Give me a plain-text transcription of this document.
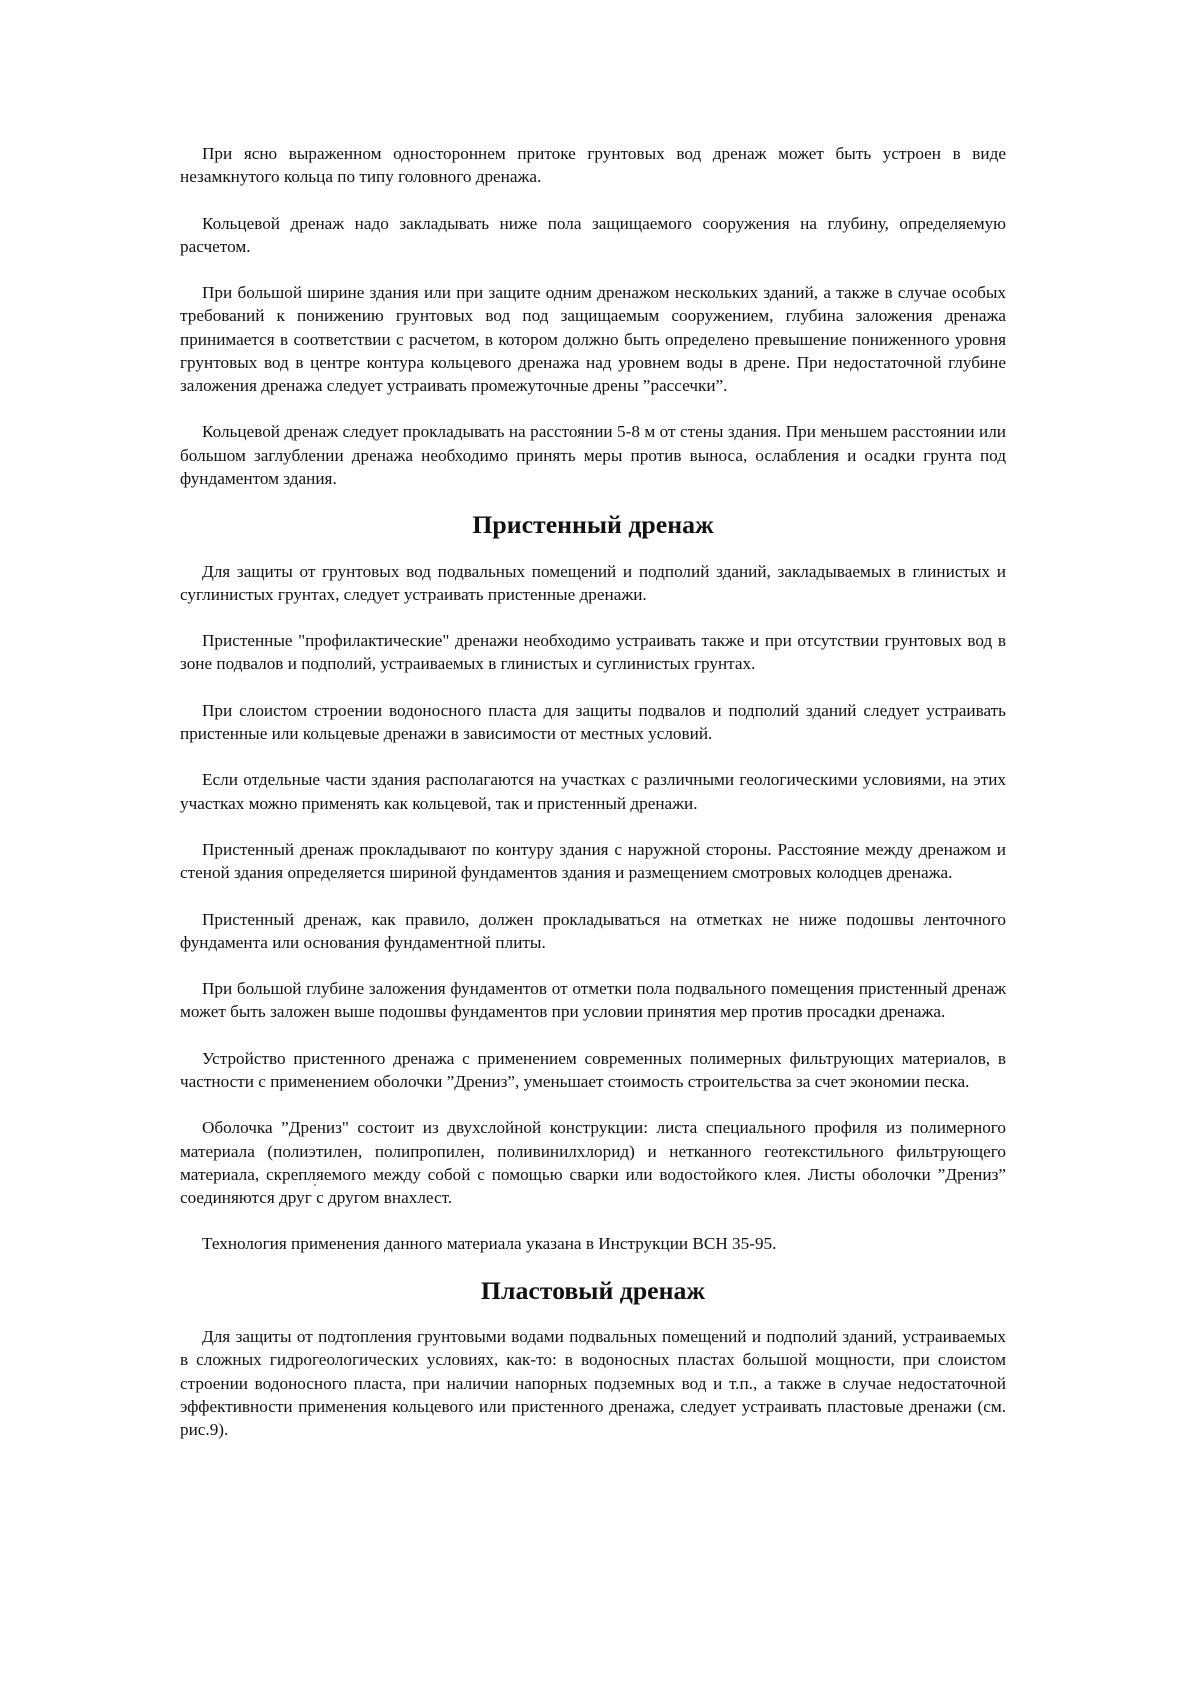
При ясно выраженном одностороннем притоке грунтовых вод дренаж может быть устроен в виде незамкнутого кольца по типу головного дренажа.

Кольцевой дренаж надо закладывать ниже пола защищаемого сооружения на глубину, определяемую расчетом.

При большой ширине здания или при защите одним дренажом нескольких зданий, а также в случае особых требований к понижению грунтовых вод под защищаемым сооружением, глубина заложения дренажа принимается в соответствии с расчетом, в котором должно быть определено превышение пониженного уровня грунтовых вод в центре контура кольцевого дренажа над уровнем воды в дрене. При недостаточной глубине заложения дренажа следует устраивать промежуточные дрены ”рассечки”.

Кольцевой дренаж следует прокладывать на расстоянии 5-8 м от стены здания. При меньшем расстоянии или большом заглублении дренажа необходимо принять меры против выноса, ослабления и осадки грунта под фундаментом здания.

Пристенный дренаж

Для защиты от грунтовых вод подвальных помещений и подполий зданий, закладываемых в глинистых и суглинистых грунтах, следует устраивать пристенные дренажи.

Пристенные "профилактические" дренажи необходимо устраивать также и при отсутствии грунтовых вод в зоне подвалов и подполий, устраиваемых в глинистых и суглинистых грунтах.

При слоистом строении водоносного пласта для защиты подвалов и подполий зданий следует устраивать пристенные или кольцевые дренажи в зависимости от местных условий.

Если отдельные части здания располагаются на участках с различными геологическими условиями, на этих участках можно применять как кольцевой, так и пристенный дренажи.

Пристенный дренаж прокладывают по контуру здания с наружной стороны. Расстояние между дренажом и стеной здания определяется шириной фундаментов здания и размещением смотровых колодцев дренажа.

Пристенный дренаж, как правило, должен прокладываться на отметках не ниже подошвы ленточного фундамента или основания фундаментной плиты.

При большой глубине заложения фундаментов от отметки пола подвального помещения пристенный дренаж может быть заложен выше подошвы фундаментов при условии принятия мер против просадки дренажа.

Устройство пристенного дренажа с применением современных полимерных фильтрующих материалов, в частности с применением оболочки ”Дрениз”, уменьшает стоимость строительства за счет экономии песка.

Оболочка ”Дрениз" состоит из двухслойной конструкции: листа специального профиля из полимерного материала (полиэтилен, полипропилен, поливинилхлорид) и нетканного геотекстильного фильтрующего материала, скрепляемого между собой с помощью сварки или водостойкого клея. Листы оболочки ”Дрениз” соединяются друг с другом внахлест.

Технология применения данного материала указана в Инструкции ВСН 35-95.

Пластовый дренаж

Для защиты от подтопления грунтовыми водами подвальных помещений и подполий зданий, устраиваемых в сложных гидрогеологических условиях, как-то: в водоносных пластах большой мощности, при слоистом строении водоносного пласта, при наличии напорных подземных вод и т.п., а также в случае недостаточной эффективности применения кольцевого или пристенного дренажа, следует устраивать пластовые дренажи (см. рис.9).
